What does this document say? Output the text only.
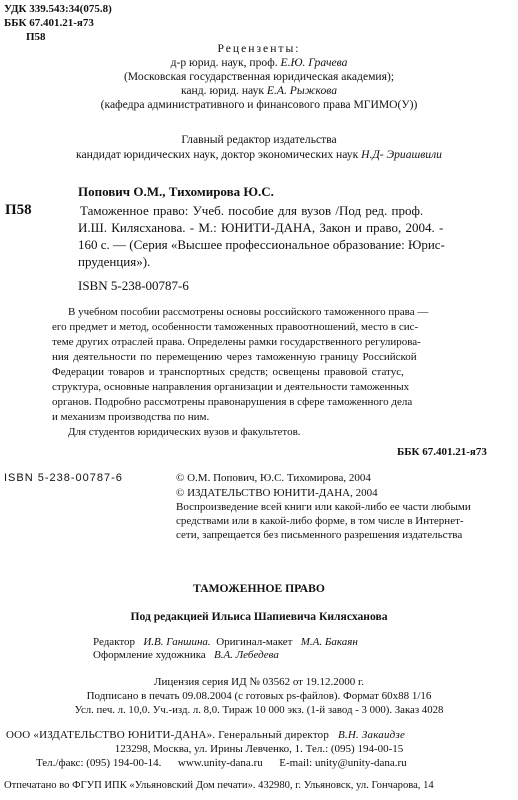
УДК 339.543:34(075.8)
ББК 67.401.21-я73
П58
Рецензенты:
д-р юрид. наук, проф. Е.Ю. Грачева
(Московская государственная юридическая академия);
канд. юрид. наук Е.А. Рыжкова
(кафедра административного и финансового права МГИМО(У))
Главный редактор издательства
кандидат юридических наук, доктор экономических наук Н.Д- Эриашвили
П58
Попович О.М., Тихомирова Ю.С.
Таможенное право: Учеб. пособие для вузов /Под ред. проф.
И.Ш. Килясханова. - М.: ЮНИТИ-ДАНА, Закон и право, 2004. -
160 с. — (Серия «Высшее профессиональное образование: Юрис-
пруденция»).
ISBN 5-238-00787-6
В учебном пособии рассмотрены основы российского таможенного права —
его предмет и метод, особенности таможенных правоотношений, место в сис-
теме других отраслей права. Определены рамки государственного регулирова-
ния деятельности по перемещению через таможенную границу Российской
Федерации товаров и транспортных средств; освещены правовой статус,
структура, основные направления организации и деятельности таможенных
органов. Подробно рассмотрены правонарушения в сфере таможенного дела
и механизм производства по ним.
Для студентов юридических вузов и факультетов.
ББК 67.401.21-я73
ISBN 5-238-00787-6	© О.М. Попович, Ю.С. Тихомирова, 2004
© ИЗДАТЕЛЬСТВО ЮНИТИ-ДАНА, 2004
Воспроизведение всей книги или какой-либо ее части любыми
средствами или в какой-либо форме, в том числе в Интернет-
сети, запрещается без письменного разрешения издательства
ТАМОЖЕННОЕ ПРАВО
Под редакцией Ильиса Шапиевича Килясханова
Редактор И.В. Ганшина. Оригинал-макет М.А. Бакаян
Оформление художника В.А. Лебедева
Лицензия серия ИД № 03562 от 19.12.2000 г.
Подписано в печать 09.08.2004 (с готовых ps-файлов). Формат 60x88 1/16
Усл. печ. л. 10,0. Уч.-изд. л. 8,0. Тираж 10 000 экз. (1-й завод - 3 000). Заказ 4028
ООО «ИЗДАТЕЛЬСТВО ЮНИТИ-ДАНА». Генеральный директор В.Н. Закаидзе
123298, Москва, ул. Ирины Левченко, 1. Тел.: (095) 194-00-15
Тел./факс: (095) 194-00-14. www.unity-dana.ru E-mail: unity@unity-dana.ru
Отпечатано во ФГУП ИПК «Ульяновский Дом печати». 432980, г. Ульяновск, ул. Гончарова, 14
